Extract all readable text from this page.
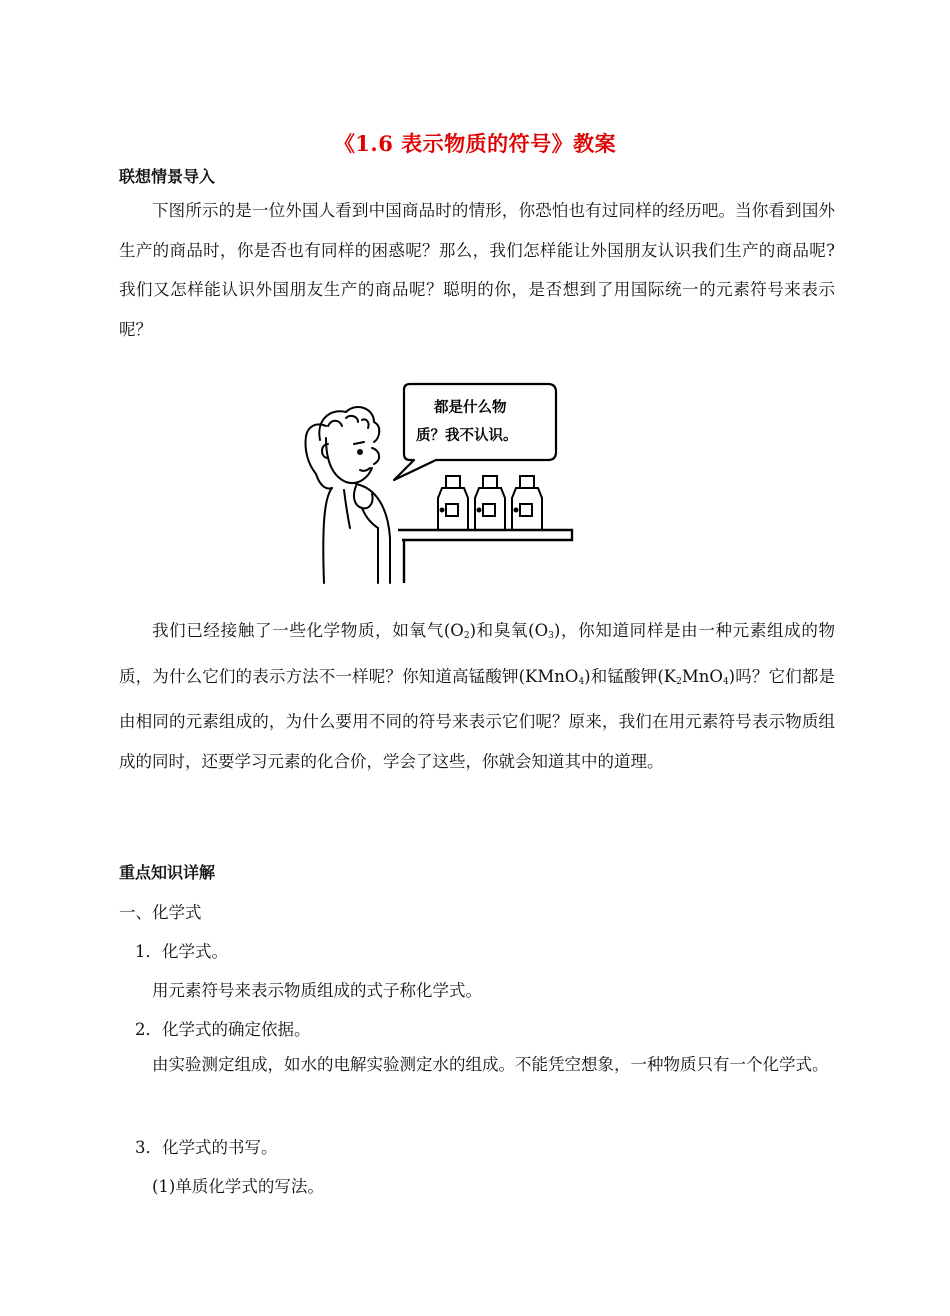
《1.6 表示物质的符号》教案
联想情景导入

下图所示的是一位外国人看到中国商品时的情形，你恐怕也有过同样的经历吧。当你看到国外生产的商品时，你是否也有同样的困惑呢？那么，我们怎样能让外国朋友认识我们生产的商品呢?我们又怎样能认识外国朋友生产的商品呢？聪明的你，是否想到了用国际统一的元素符号来表示呢？

都是什么物
质？我不认识。

我们已经接触了一些化学物质，如氧气$(O_2)$和臭氧$(O_3)$，你知道同样是由一种元素组成的物质，为什么它们的表示方法不一样呢？你知道高锰酸钾(KMnO$_4$)和锰酸钾$(K_2MnO_4)$吗？它们都是由相同的元素组成的，为什么要用不同的符号来表示它们呢？原来，我们在用元素符号表示物质组成的同时，还要学习元素的化合价，学会了这些，你就会知道其中的道理。

重点知识详解
一、化学式
1．化学式。
用元素符号来表示物质组成的式子称化学式。
2．化学式的确定依据。

由实验测定组成，如水的电解实验测定水的组成。不能凭空想象，一种物质只有一个化学式。

3．化学式的书写。
(1)单质化学式的写法。
